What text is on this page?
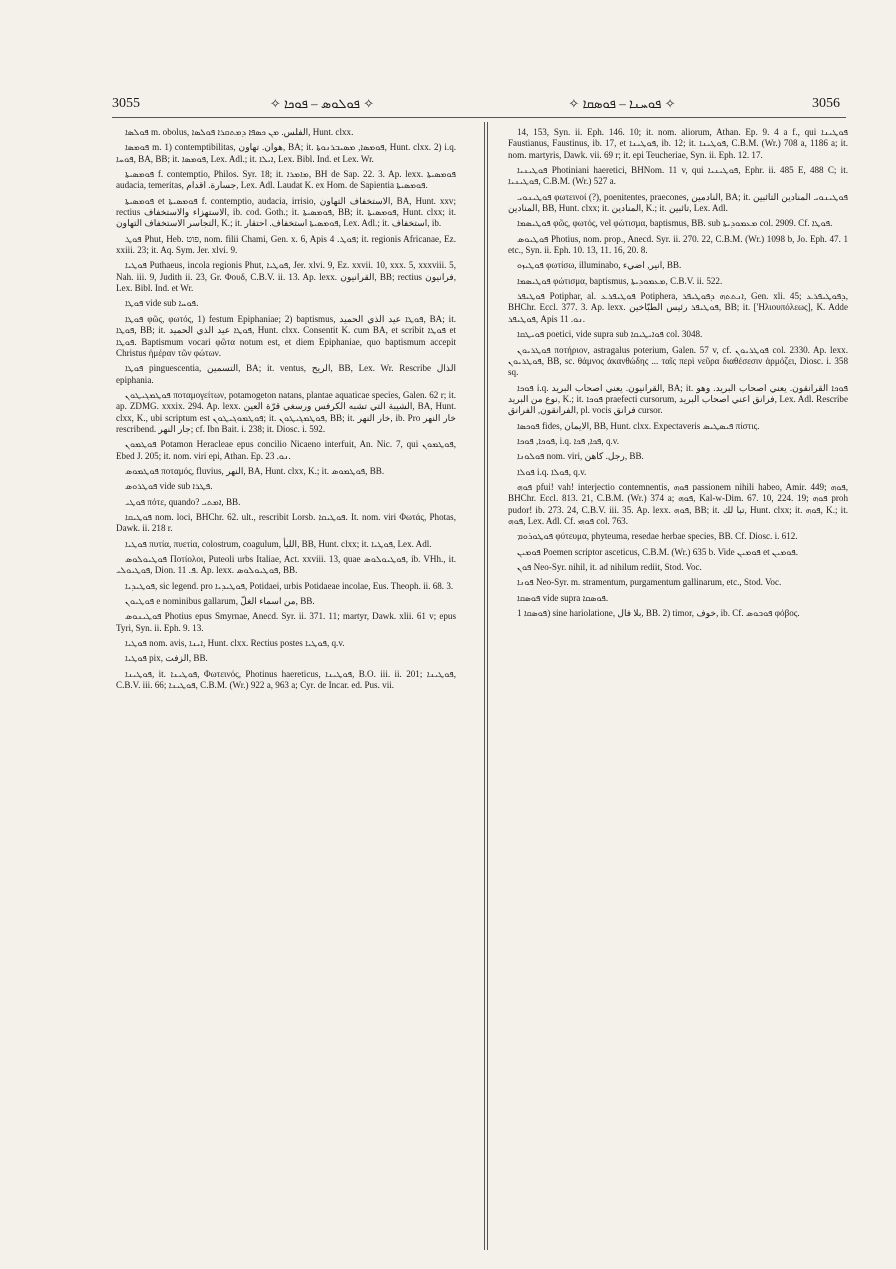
3055	✧ ܦܘܠܘܣ – ܦܘܟܐ ✧	✧ ܦܘܚܢܐ – ܦܘܣܩܐ ✧	3056

ܦܘܠܣܐ m. obolus, الفلس. ܡܢ ܟܣܦܐ ܕܡܬܩܪܐ ܦܘܠܣܐ, Hunt. clxx.

ܦܘܡܣܐ m. 1) contemptibilitas, هوان. تهاون, BA; it. ܦܘܡܣܐ, ܡܣܝܒܪܢܘܬܐ, Hunt. clxx. 2) i.q. ܦܘܚܐ, BA, BB; it. ܦܘܡܣܐ, Lex. Adl.; it. ܐܝܠܐ, Lex. Bibl. Ind. et Lex. Wr.

ܦܘܡܣܝܬܐ f. contemptio, Philos. Syr. 18; it. ܡܐܡܪܐ, BH de Sap. 22. 3. Ap. lexx. ܦܘܡܣܝܬܐ audacia, temeritas, جسارة. اقدام, Lex. Adl. Laudat K. ex Hom. de Sapientia ܦܘܡܣܝܬܐ.

ܦܘܡܣܝܬܐ et ܦܘܡܣܝܬܐ f. contemptio, audacia, irrisio, الاستخفاف التهاون, BA, Hunt. xxv; rectius الاستهزاء والاستخفاف, ib. cod. Goth.; it. ܦܘܡܣܝܬܐ, BB; it. ܦܘܡܣܝܬܐ, Hunt. clxx; it. التجاسر الاستخفاف التهاون, K.; it. ܦܘܡܣܝܬܐ استخفاف. احتقار, Lex. Adl.; it. استخفاف, ib.

ܦܘܛ Phut, Heb. פוט, nom. filii Chami, Gen. x. 6, Apis ܦܘܛ. 4; it. regionis Africanae, Ez. xxiii. 23; it. Aq. Sym. Jer. xlvi. 9.

ܦܘܛܝܐ Puthaeus, incola regionis Phut, ܦܘܛܝܐ, Jer. xlvi. 9, Ez. xxvii. 10, xxx. 5, xxxviii. 5, Nah. iii. 9, Judith ii. 23, Gr. Φουδ, C.B.V. ii. 13. Ap. lexx. القرانيون, BB; rectius فرانيون, Lex. Bibl. Ind. et Wr.

ܦܘܛܐ vide sub ܦܘܚܐ.

ܦܘܛܐ φῶς, φωτός, 1) festum Epiphaniae; 2) baptismus, ܦܘܛܐ عيد الذي الحميد, BA; it. ܦܘܛܐ, BB; it. ܦܘܛܐ عيد الذي الحميد, Hunt. clxx. Consentit K. cum BA, et scribit ܦܘܛܐ et ܦܘܛܐ. Baptismum vocari φῶτα notum est, et diem Epiphaniae, quo baptismum accepit Christus ἡμέραν τῶν φώτων.

ܦܘܛܐ pinguescentia, التسمين, BA; it. ventus, الريح, BB, Lex. Wr. Rescribe الذال epiphania.

ܦܘܛܡܓܝܛܘܢ ποταμογείτων, potamogeton natans, plantae aquaticae species, Galen. 62 r; it. ap. ZDMG. xxxix. 294. Ap. lexx. الشيبة التي تشبه الكرفس ورسغي قرّة العين, BA, Hunt. clxx, K., ubi scriptum est ܦܘܛܡܘܓܝܛܘܢ; it. ܦܘܛܡܓܝܛܘܢ, BB; it. خار النهر, ib. Pro خار النهر rescribend. جار النهر; cf. Ibn Bait. i. 238; it. Diosc. i. 592.

ܦܘܛܡܘܢ Potamon Heracleae epus concilio Nicaeno interfuit, An. Nic. 7, qui ܦܘܛܡܘܢ, Ebed J. 205; it. nom. viri epi, Athan. Ep. ܢܘ. 23.

ܦܘܛܡܘܣ ποταμός, fluvius, النهر, BA, Hunt. clxx, K.; it. ܦܘܛܡܘܣ, BB.

ܦܘܛܪܘܣ vide sub ܦܛܪܐ.

ܦܘܛܝ πότε, quando? ܐܡܬܝ, BB.

ܦܘܛܝܩܐ nom. loci, BHChr. 62. ult., rescribit Lorsb. ܦܘܛܝܩܐ. It. nom. viri Φωτάς, Photas, Dawk. ii. 218 r.

ܦܘܛܝܐ πυτία, πυετία, colostrum, coagulum, اللبأ, BB, Hunt. clxx; it. ܦܘܛܝܐ, Lex. Adl.

ܦܘܛܝܘܠܘܣ Ποτίολοι, Puteoli urbs Italiae, Act. xxviii. 13, quae ܦܘܛܝܘܠܘܣ, ib. VHh., it. ܦܘܛܝܘܠܝ, Dion. ܦ. 11. Ap. lexx. ܦܘܛܝܘܠܘܣ, BB.

ܦܘܛܝܕܝܐ, sic legend. pro ܦܘܛܝܕܝܐ, Potidaei, urbis Potidaeae incolae, Eus. Theoph. ii. 68. 3.

ܦܘܛܝܘܢ e nominibus gallarum, من اسماء الغلّ, BB.

ܦܘܛܝܢܘܣ Photius epus Smyrnae, Anecd. Syr. ii. 371. 11; martyr, Dawk. xlii. 61 v; epus Tyri, Syn. ii. Eph. 9. 13.

ܦܘܛܝܐ nom. avis, ܐܝܢܐ, Hunt. clxx. Rectius postes ܦܘܛܝܐ, q.v.

ܦܘܛܝܐ pix, الزفت, BB.

ܦܘܛܝܢܐ, it. ܦܘܛܝܢܐ, Φωτεινός, Photinus haereticus, ܦܘܛܝܢܐ, B.O. iii. ii. 201; ܦܘܛܝܢܐ, C.B.V. iii. 66; ܦܘܛܝܢܐ, C.B.M. (Wr.) 922 a, 963 a; Cyr. de Incar. ed. Pus. vii.

14, 153, Syn. ii. Eph. 146. 10; it. nom. aliorum, Athan. Ep. 9. 4 a f., qui ܦܘܛܝܢܐ Faustianus, Faustinus, ib. 17, et ܦܘܛܝܢܐ, ib. 12; it. ܦܘܛܝܢܐ, C.B.M. (Wr.) 708 a, 1186 a; it. nom. martyris, Dawk. vii. 69 r; it. epi Teucheriae, Syn. ii. Eph. 12. 17.

ܦܘܛܝܢܝܐ Photiniani haeretici, BHNom. 11 v, qui ܦܘܛܝܢܝܐ, Ephr. ii. 485 E, 488 C; it. ܦܘܛܝܢܝܐ, C.B.M. (Wr.) 527 a.

ܦܘܛܝܢܘܝ φωτεινοί (?), poenitentes, praecones, النادمين, BA; it. ܦܘܛܝܢܘܝ المنادين التائبين المنادين, BB, Hunt. clxx; it. المنادين, K.; it. تائبين, Lex. Adl.

ܦܘܛܝܣܡܐ φῶς, φωτός, vel φώτισμα, baptismus, BB. sub ܡܥܡܘܕܝܬܐ col. 2909. Cf. ܦܘܛܐ.

ܦܘܛܝܘܣ Photius, nom. prop., Anecd. Syr. ii. 270. 22, C.B.M. (Wr.) 1098 b, Jo. Eph. 47. 1 etc., Syn. ii. Eph. 10. 13, 11. 16, 20. 8.

ܦܘܛܝܙܘ φωτίσω, illuminabo, انير, اضيء, BB.

ܦܘܛܝܣܡܐ φώτισμα, baptismus, ܡܥܡܘܕܝܬܐ, C.B.V. ii. 522.

ܦܘܛܝܦܪ Potiphar, al. ܦܘܛܝܦܪܥ Potiphera, ܐܢܬܬܗ ܕܦܘܛܝܦܪ, Gen. xli. 45; ܕܦܘܛܝܦܪܥ, BHChr. Eccl. 377. 3. Ap. lexx. ܦܘܛܝܦܪ رئيس الطبّاخين, BB; it. ['Ηλιουπόλεως], K. Adde ܦܘܛܝܦܪ, Apis ܢܘ. 11.

ܦܘܝܛܩܐ poetici, vide supra sub ܦܘܐܝܛܝܩܐ col. 3048.

ܦܘܛܪܝܘܢ ποτήριον, astragalus poterium, Galen. 57 v, cf. ܦܘܛܪܝܘܢ col. 2330. Ap. lexx. ܦܘܛܪܝܘܢ, BB, sc. θάμνος ἀκανθώδης ... ταῖς περὶ νεῦρα διαθέσεσιν ἁρμόζει, Diosc. i. 358 sq.

ܦܘܟܐ i.q. القرانيون. يعني اصحاب البريد, BA; it. ܦܘܟܐ القرانقون. يعني اصحاب البريد. وهو نوع من البريد, K.; it. ܦܘܟܐ praefecti cursorum, فرانق اعني اصحاب البريد, Lex. Adl. Rescribe الفرانقون, الفرانق, pl. vocis فرانق cursor.

ܦܘܟܣܐ fides, الايمان, BB, Hunt. clxx. Expectaveris ܦܝܣܛܝܣ πίστις.

ܦܘܟܐ, ܦܘܟܐ, i.q. ܦܟܐ, ܦܟܐ, q.v.

ܦܘܠܘܢܐ nom. viri, رجل. كاهن, BB.

ܦܘܠܐ i.q. ܦܘܠܐ, q.v.

ܦܘܗ pfui! vah! interjectio contemnentis, ܦܘܗ passionem nihili habeo, Amir. 449; ܦܘܗ, BHChr. Eccl. 813. 21, C.B.M. (Wr.) 374 a; ܦܘܗ, Kal-w-Dim. 67. 10, 224. 19; ܦܘܗ proh pudor! ib. 273. 24, C.B.V. iii. 35. Ap. lexx. ܦܘܗ, BB; it. تبا لك, Hunt. clxx; it. ܦܘܗ, K.; it. ܦܘܗ, Lex. Adl. Cf. ܦܘܗܝ col. 763.

ܦܘܛܘܪܘܡ φύτευμα, phyteuma, resedae herbae species, BB. Cf. Diosc. i. 612.

ܦܘܡܝܢ Poemen scriptor asceticus, C.B.M. (Wr.) 635 b. Vide ܦܘܡܝܢ et ܦܘܡܝܢ.

ܦܘܢ Neo-Syr. nihil, it. ad nihilum rediit, Stod. Voc.

ܦܘܢܐ Neo-Syr. m. stramentum, purgamentum gallinarum, etc., Stod. Voc.

ܦܘܣܩܐ vide supra ܦܘܣܩܐ.

ܦܘܣܩܐ 1) sine hariolatione, بلا فال, BB. 2) timor, خوف, ib. Cf. ܦܘܒܘܣ φόβος.
